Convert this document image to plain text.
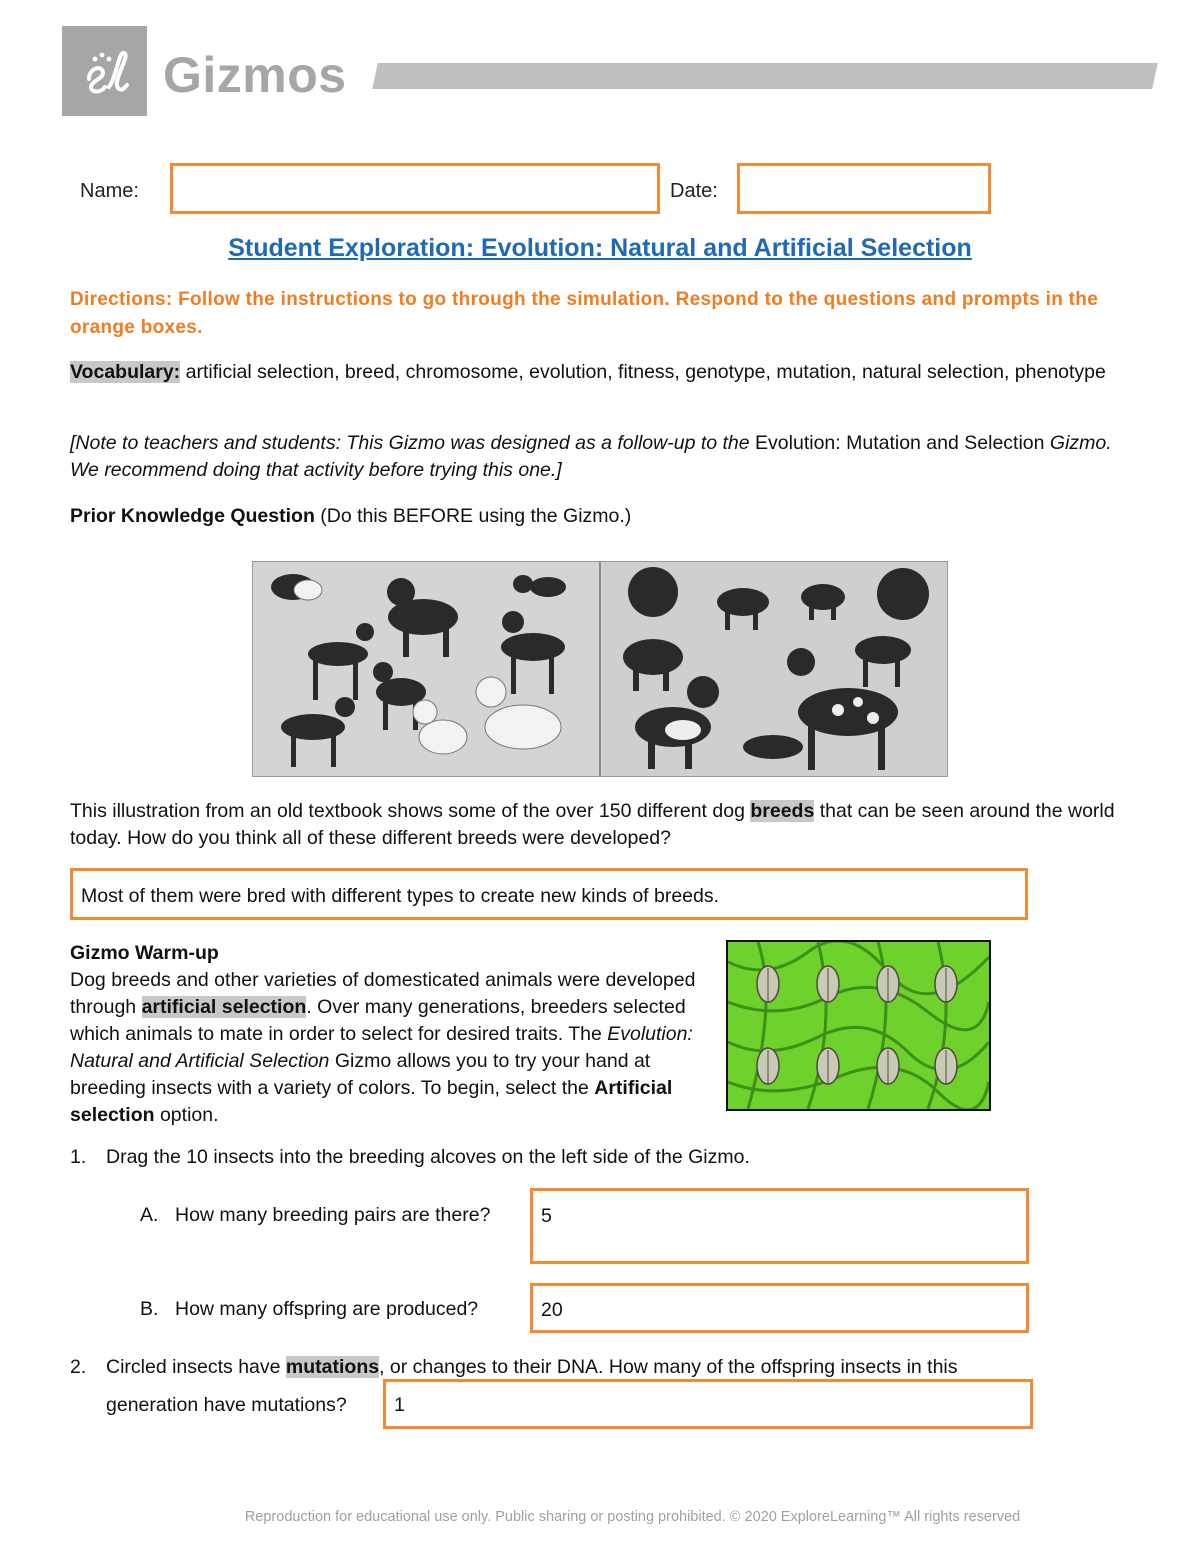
Gizmos
Name:	Date:
Student Exploration: Evolution: Natural and Artificial Selection
Directions: Follow the instructions to go through the simulation. Respond to the questions and prompts in the orange boxes.
Vocabulary: artificial selection, breed, chromosome, evolution, fitness, genotype, mutation, natural selection, phenotype
[Note to teachers and students: This Gizmo was designed as a follow-up to the Evolution: Mutation and Selection Gizmo. We recommend doing that activity before trying this one.]
Prior Knowledge Question (Do this BEFORE using the Gizmo.)
This illustration from an old textbook shows some of the over 150 different dog breeds that can be seen around the world today. How do you think all of these different breeds were developed?
Most of them were bred with different types to create new kinds of breeds.
Gizmo Warm-up
Dog breeds and other varieties of domesticated animals were developed through artificial selection. Over many generations, breeders selected which animals to mate in order to select for desired traits. The Evolution: Natural and Artificial Selection Gizmo allows you to try your hand at breeding insects with a variety of colors. To begin, select the Artificial selection option.
1. Drag the 10 insects into the breeding alcoves on the left side of the Gizmo.
A. How many breeding pairs are there?	5
B. How many offspring are produced?	20
2. Circled insects have mutations, or changes to their DNA. How many of the offspring insects in this
generation have mutations?	1
Reproduction for educational use only. Public sharing or posting prohibited. © 2020 ExploreLearning™ All rights reserved
